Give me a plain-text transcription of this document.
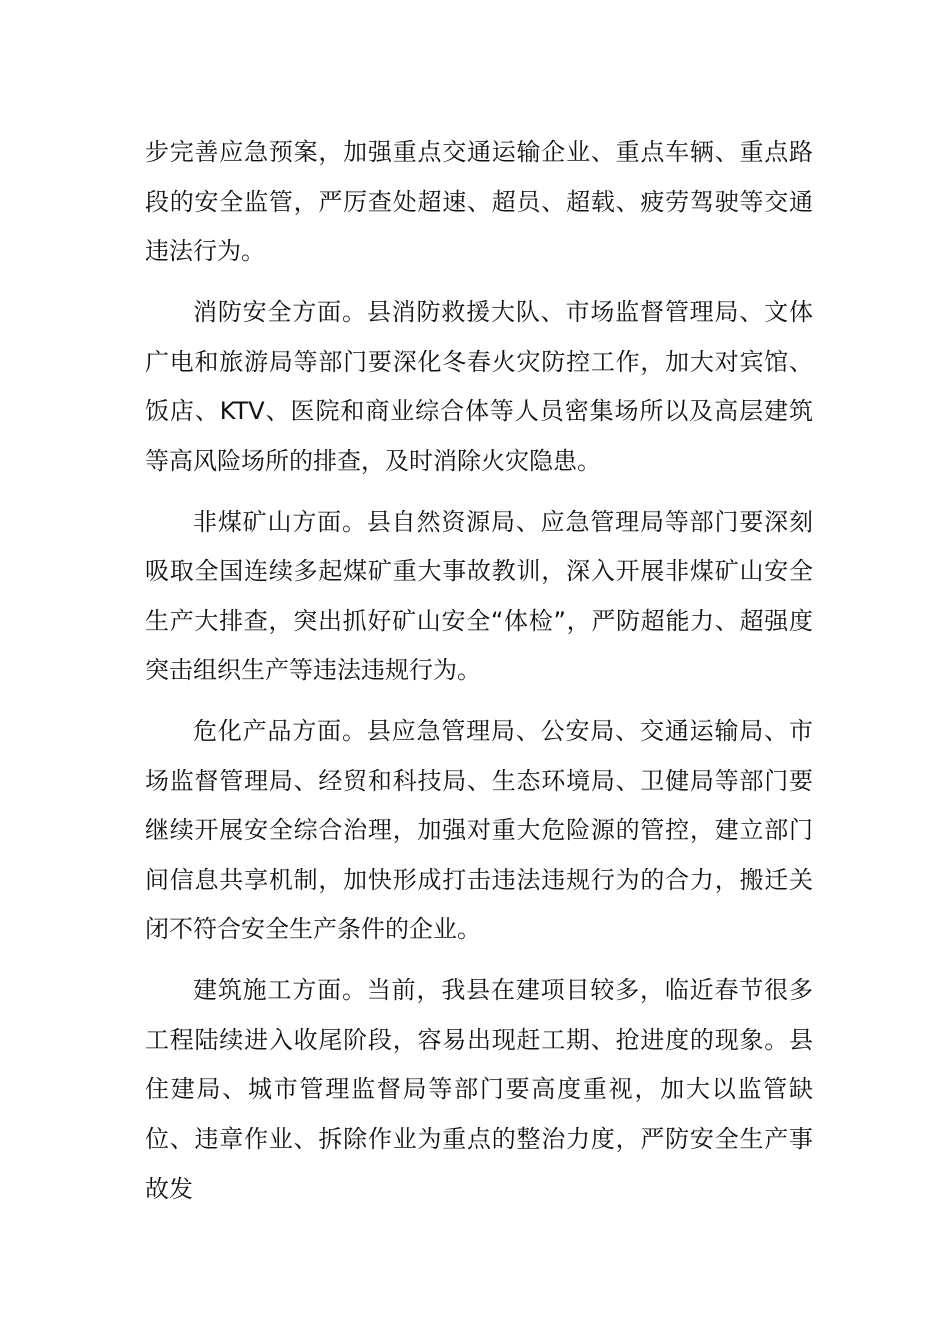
步完善应急预案，加强重点交通运输企业、重点车辆、重点路段的安全监管，严厉查处超速、超员、超载、疲劳驾驶等交通违法行为。

消防安全方面。县消防救援大队、市场监督管理局、文体广电和旅游局等部门要深化冬春火灾防控工作，加大对宾馆、饭店、KTV、医院和商业综合体等人员密集场所以及高层建筑等高风险场所的排查，及时消除火灾隐患。

非煤矿山方面。县自然资源局、应急管理局等部门要深刻吸取全国连续多起煤矿重大事故教训，深入开展非煤矿山安全生产大排查，突出抓好矿山安全“体检”，严防超能力、超强度突击组织生产等违法违规行为。

危化产品方面。县应急管理局、公安局、交通运输局、市场监督管理局、经贸和科技局、生态环境局、卫健局等部门要继续开展安全综合治理，加强对重大危险源的管控，建立部门间信息共享机制，加快形成打击违法违规行为的合力，搬迁关闭不符合安全生产条件的企业。

建筑施工方面。当前，我县在建项目较多，临近春节很多工程陆续进入收尾阶段，容易出现赶工期、抢进度的现象。县住建局、城市管理监督局等部门要高度重视，加大以监管缺位、违章作业、拆除作业为重点的整治力度，严防安全生产事故发
